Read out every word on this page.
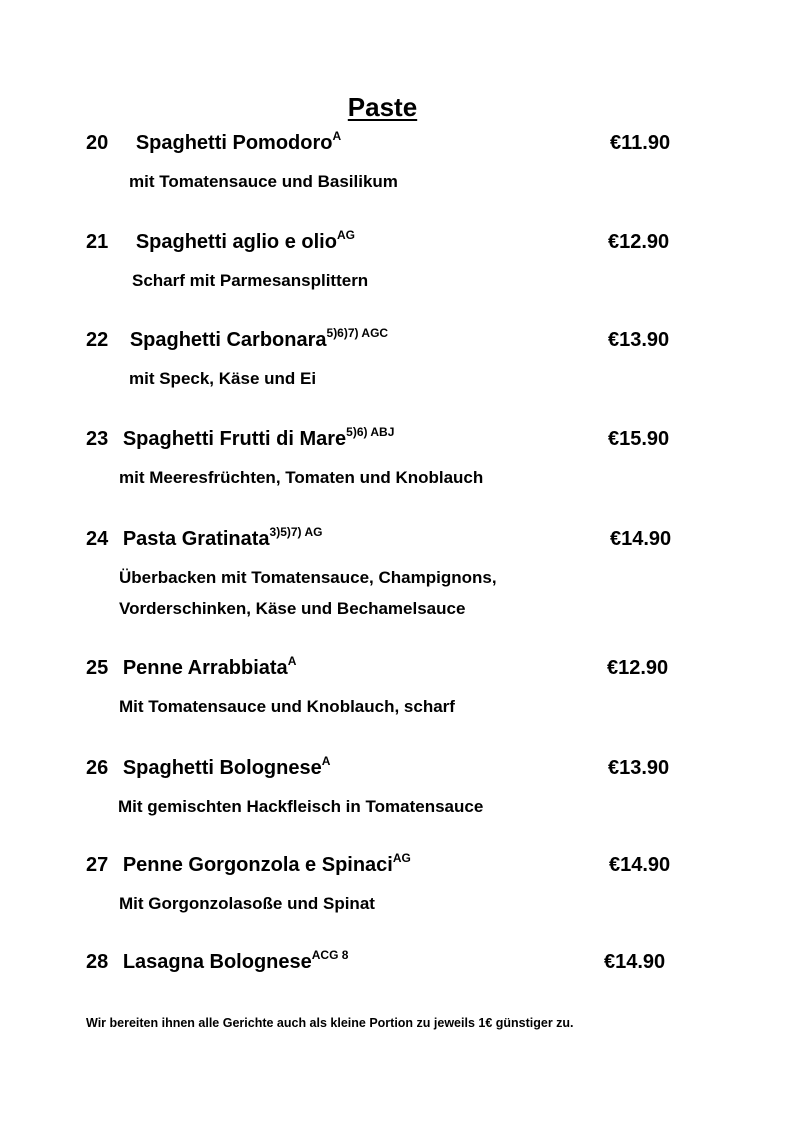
Paste
20 Spaghetti Pomodoro$^A$	€11.90
mit Tomatensauce und Basilikum
21 Spaghetti aglio e olio$^{AG}$	€12.90
Scharf mit Parmesansplittern
22 Spaghetti Carbonara$^{5)6)7) AGC}$	€13.90
mit Speck, Käse und Ei
23 Spaghetti Frutti di Mare$^{5)6) ABJ}$	€15.90
mit Meeresfrüchten, Tomaten und Knoblauch
24 Pasta Gratinata$^{3)5)7) AG}$	€14.90
Überbacken mit Tomatensauce, Champignons,
Vorderschinken, Käse und Bechamelsauce
25 Penne Arrabbiata$^A$	€12.90
Mit Tomatensauce und Knoblauch, scharf
26 Spaghetti Bolognese$^A$	€13.90
Mit gemischten Hackfleisch in Tomatensauce
27 Penne Gorgonzola e Spinaci$^{AG}$	€14.90
Mit Gorgonzolasoße und Spinat
28 Lasagna Bolognese$^{ACG 8}$	€14.90
Wir bereiten ihnen alle Gerichte auch als kleine Portion zu jeweils 1€ günstiger zu.
